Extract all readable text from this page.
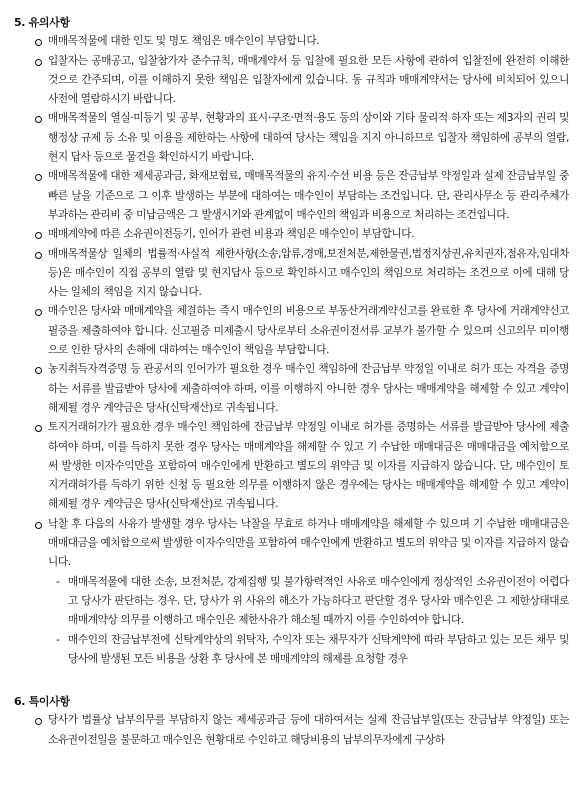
5. 유의사항
매매목적물에 대한 인도 및 명도 책임은 매수인이 부담합니다.
입찰자는 공매공고, 입찰참가자 준수규칙, 매매계약서 등 입찰에 필요한 모든 사항에 관하여 입찰전에 완전히 이해한 것으로 간주되며, 이를 이해하지 못한 책임은 입찰자에게 있습니다. 동 규칙과 매매계약서는 당사에 비치되어 있으니 사전에 열람하시기 바랍니다.
매매목적물의 열실·미등기 및 공부, 현황과의 표시·구조·면적·용도 등의 상이와 기타 물리적 하자 또는 제3자의 권리 및 행정상 규제 등 소유 및 이용을 제한하는 사항에 대하여 당사는 책임을 지지 아니하므로 입찰자 책임하에 공부의 열람, 현지 답사 등으로 물건을 확인하시기 바랍니다.
매매목적물에 대한 제세공과금, 화재보험료, 매매목적물의 유지·수선 비용 등은 잔금납부 약정일과 실제 잔금납부일 중 빠른 날을 기준으로 그 이후 발생하는 부분에 대하여는 매수인이 부담하는 조건입니다. 단, 관리사무소 등 관리주체가 부과하는 관리비 중 미납금액은 그 발생시기와 관계없이 매수인의 책임과 비용으로 처리하는 조건입니다.
매매계약에 따른 소유권이전등기, 인어가 관련 비용과 책임은 매수인이 부담합니다.
매매목적물상 일체의 법률적·사실적 제한사항(소송,압류,경매,보전처분,제한물권,법정지상권,유치권자,점유자,임대차 등)은 매수인이 직접 공부의 열람 및 현지답사 등으로 확인하시고 매수인의 책임으로 처리하는 조건으로 이에 대해 당사는 일체의 책임을 지지 않습니다.
매수인은 당사와 매매계약을 체결하는 즉시 매수인의 비용으로 부동산거래계약신고를 완료한 후 당사에 거래계약신고필증을 제출하여야 합니다. 신고필증 미제출시 당사로부터 소유권이전서류 교부가 불가할 수 있으며 신고의무 미이행으로 인한 당사의 손해에 대하여는 매수인이 책임을 부담합니다.
농지취득자격증명 등 관공서의 인어가가 필요한 경우 매수인 책임하에 잔금납부 약정일 이내로 허가 또는 자격을 증명하는 서류를 발급받아 당사에 제출하여야 하며, 이를 이행하지 아니한 경우 당사는 매매계약을 해제할 수 있고 계약이 해제될 경우 계약금은 당사(신탁재산)로 귀속됩니다.
토지거래허가가 필요한 경우 매수인 책임하에 잔금납부 약정일 이내로 허가를 증명하는 서류를 발급받아 당사에 제출하여야 하며, 이를 득하지 못한 경우 당사는 매매계약을 해제할 수 있고 기 수납한 매매대금은 매매대금을 예치함으로써 발생한 이자수익만을 포함하여 매수인에게 반환하고 별도의 위약금 및 이자를 지급하지 않습니다. 단, 매수인이 토지거래허가를 득하기 위한 신청 등 필요한 의무를 이행하지 않은 경우에는 당사는 매매계약을 해제할 수 있고 계약이 해제될 경우 계약금은 당사(신탁재산)로 귀속됩니다.
낙찰 후 다음의 사유가 발생할 경우 당사는 낙찰을 무효로 하거나 매매계약을 해제할 수 있으며 기 수납한 매매대금은 매매대금을 예치함으로써 발생한 이자수익만을 포함하여 매수인에게 반환하고 별도의 위약금 및 이자를 지급하지 않습니다.
- 매매목적물에 대한 소송, 보전처분, 강제집행 및 불가항력적인 사유로 매수인에게 정상적인 소유권이전이 어렵다고 당사가 판단하는 경우. 단, 당사가 위 사유의 해소가 가능하다고 판단할 경우 당사와 매수인은 그 제한상태대로 매매계약상 의무를 이행하고 매수인은 제한사유가 해소될 때까지 이를 수인하여야 합니다.
- 매수인의 잔금납부전에 신탁계약상의 위탁자, 수익자 또는 채무자가 신탁계약에 따라 부담하고 있는 모든 채무 및 당사에 발생된 모든 비용을 상환 후 당사에 본 매매계약의 해제를 요청할 경우
6. 특이사항
당사가 법률상 납부의무를 부담하지 않는 제세공과금 등에 대하여서는 실제 잔금납부일(또는 잔금납부 약정일) 또는 소유권이전일을 불문하고 매수인은 현황대로 수인하고 해당비용의 납부의무자에게 구상하
